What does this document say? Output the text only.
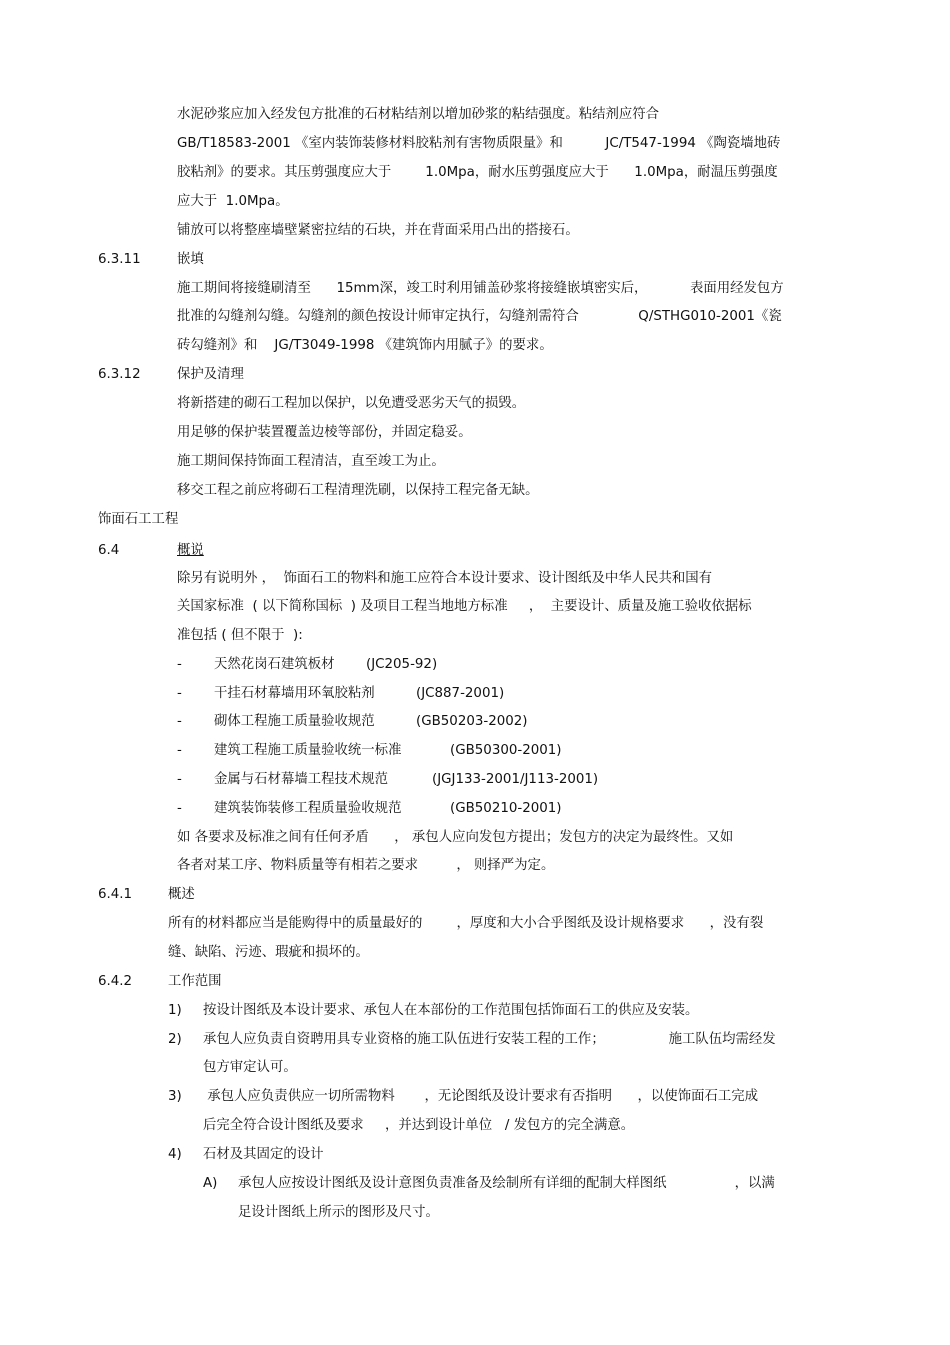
水泥砂浆应加入经发包方批准的石材粘结剂以增加砂浆的粘结强度。粘结剂应符合
GB/T18583-2001 《室内装饰装修材料胶粘剂有害物质限量》和          JC/T547-1994 《陶瓷墙地砖
胶粘剂》的要求。其压剪强度应大于        1.0Mpa，耐水压剪强度应大于      1.0Mpa，耐温压剪强度
应大于  1.0Mpa。
铺放可以将整座墙壁紧密拉结的石块，并在背面采用凸出的搭接石。
6.3.11	嵌填
施工期间将接缝刷清至      15mm深，竣工时利用铺盖砂浆将接缝嵌填密实后，          表面用经发包方
批准的勾缝剂勾缝。勾缝剂的颜色按设计师审定执行，勾缝剂需符合              Q/STHG010-2001《瓷
砖勾缝剂》和    JG/T3049-1998 《建筑饰内用腻子》的要求。
6.3.12	保护及清理
将新搭建的砌石工程加以保护，以免遭受恶劣天气的损毁。
用足够的保护装置覆盖边棱等部份，并固定稳妥。
施工期间保持饰面工程清洁，直至竣工为止。
移交工程之前应将砌石工程清理洗刷，以保持工程完备无缺。
饰面石工工程
6.4	概说
除另有说明外 ，  饰面石工的物料和施工应符合本设计要求、设计图纸及中华人民共和国有
关国家标准  ( 以下简称国标  ) 及项目工程当地地方标准     ，  主要设计、质量及施工验收依据标
准包括 ( 但不限于  ):
- 天然花岗石建筑板材 (JC205-92)
- 干挂石材幕墙用环氧胶粘剂	(JC887-2001)
- 砌体工程施工质量验收规范	(GB50203-2002)
- 建筑工程施工质量验收统一标准	(GB50300-2001)
- 金属与石材幕墙工程技术规范	(JGJ133-2001/J113-2001)
- 建筑装饰装修工程质量验收规范	(GB50210-2001)
如 各要求及标准之间有任何矛盾      ， 承包人应向发包方提出；发包方的决定为最终性。又如
各者对某工序、物料质量等有相若之要求         ， 则择严为定。
6.4.1	概述
所有的材料都应当是能购得中的质量最好的        ，厚度和大小合乎图纸及设计规格要求      ，没有裂
缝、缺陷、污迹、瑕疵和损坏的。
6.4.2	工作范围
1) 按设计图纸及本设计要求、承包人在本部份的工作范围包括饰面石工的供应及安装。
2) 承包人应负责自资聘用具专业资格的施工队伍进行安装工程的工作；               施工队伍均需经发
包方审定认可。
3) 承包人应负责供应一切所需物料       ，无论图纸及设计要求有否指明      ，以使饰面石工完成
后完全符合设计图纸及要求     ，并达到设计单位   / 发包方的完全满意。
4) 石材及其固定的设计
A) 承包人应按设计图纸及设计意图负责准备及绘制所有详细的配制大样图纸                ，以满
足设计图纸上所示的图形及尺寸。
